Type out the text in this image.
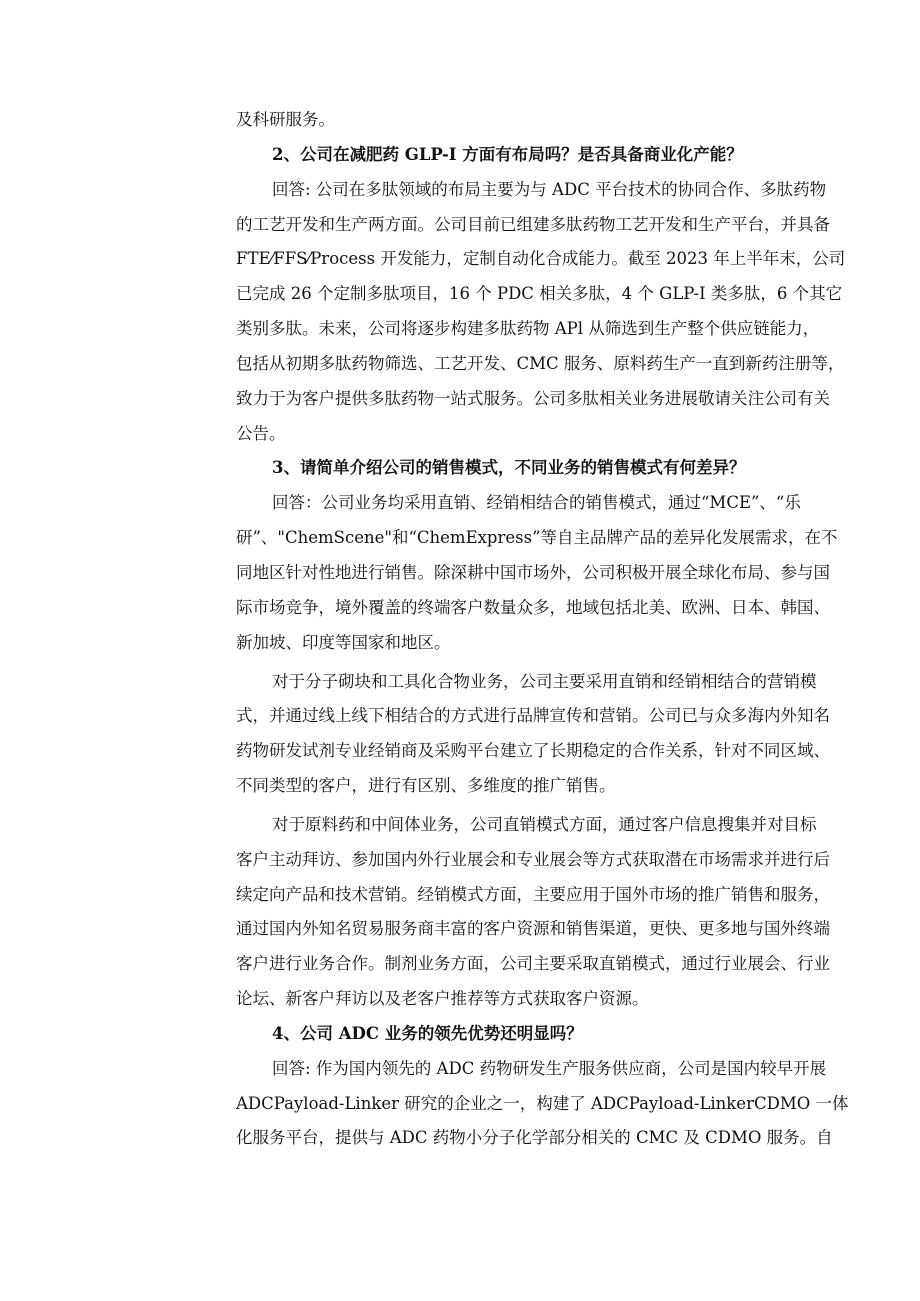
及科研服务。
2、公司在减肥药 GLP-I 方面有布局吗？是否具备商业化产能？
回答: 公司在多肽领域的布局主要为与 ADC 平台技术的协同合作、多肽药物
的工艺开发和生产两方面。公司目前已组建多肽药物工艺开发和生产平台，并具备
FTE⁄FFS⁄Process 开发能力，定制自动化合成能力。截至 2023 年上半年末，公司
已完成 26 个定制多肽项目，16 个 PDC 相关多肽，4 个 GLP-I 类多肽，6 个其它
类别多肽。未来，公司将逐步构建多肽药物 APl 从筛选到生产整个供应链能力，
包括从初期多肽药物筛选、工艺开发、CMC 服务、原料药生产一直到新药注册等，
致力于为客户提供多肽药物一站式服务。公司多肽相关业务进展敬请关注公司有关
公告。
3、请简单介绍公司的销售模式，不同业务的销售模式有何差异？
回答：公司业务均采用直销、经销相结合的销售模式，通过“MCE”、“乐
研”、"ChemScene"和“ChemExpress”等自主品牌产品的差异化发展需求，在不
同地区针对性地进行销售。除深耕中国市场外，公司积极开展全球化布局、参与国
际市场竞争，境外覆盖的终端客户数量众多，地域包括北美、欧洲、日本、韩国、
新加坡、印度等国家和地区。
对于分子砌块和工具化合物业务，公司主要采用直销和经销相结合的营销模
式，并通过线上线下相结合的方式进行品牌宣传和营销。公司已与众多海内外知名
药物研发试剂专业经销商及采购平台建立了长期稳定的合作关系，针对不同区域、
不同类型的客户，进行有区别、多维度的推广销售。
对于原料药和中间体业务，公司直销模式方面，通过客户信息搜集并对目标
客户主动拜访、参加国内外行业展会和专业展会等方式获取潜在市场需求并进行后
续定向产品和技术营销。经销模式方面，主要应用于国外市场的推广销售和服务，
通过国内外知名贸易服务商丰富的客户资源和销售渠道，更快、更多地与国外终端
客户进行业务合作。制剂业务方面，公司主要采取直销模式，通过行业展会、行业
论坛、新客户拜访以及老客户推荐等方式获取客户资源。
4、公司 ADC 业务的领先优势还明显吗？
回答: 作为国内领先的 ADC 药物研发生产服务供应商，公司是国内较早开展
ADCPayload-Linker 研究的企业之一，构建了 ADCPayload-LinkerCDMO 一体
化服务平台，提供与 ADC 药物小分子化学部分相关的 CMC 及 CDMO 服务。自
